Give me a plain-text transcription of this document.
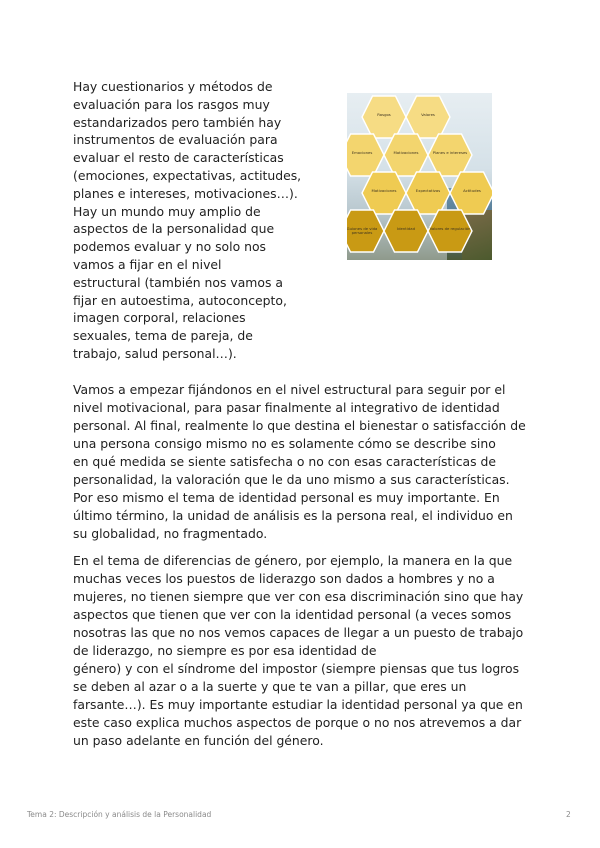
Hay cuestionarios y métodos de
evaluación para los rasgos muy
estandarizados pero también hay
instrumentos de evaluación para
evaluar el resto de características
(emociones, expectativas, actitudes,
planes e intereses, motivaciones…).
Hay un mundo muy amplio de
aspectos de la personalidad que
podemos evaluar y no solo nos
vamos a fijar en el nivel
estructural (también nos vamos a
fijar en autoestima, autoconcepto,
imagen corporal, relaciones
sexuales, tema de pareja, de
trabajo, salud personal…).
Rasgos	Valores
Emociones	Motivaciones	Planes e intereses
Motivaciones	Expectativas	Actitudes
Guiones de vida personales
Identidad	Valores de regulación

Vamos a empezar fijándonos en el nivel estructural para seguir por el
nivel motivacional, para pasar finalmente al integrativo de identidad
personal. Al final, realmente lo que destina el bienestar o satisfacción de
una persona consigo mismo no es solamente cómo se describe sino
en qué medida se siente satisfecha o no con esas características de
personalidad, la valoración que le da uno mismo a sus características.
Por eso mismo el tema de identidad personal es muy importante. En
último término, la unidad de análisis es la persona real, el individuo en
su globalidad, no fragmentado.

En el tema de diferencias de género, por ejemplo, la manera en la que
muchas veces los puestos de liderazgo son dados a hombres y no a
mujeres, no tienen siempre que ver con esa discriminación sino que hay
aspectos que tienen que ver con la identidad personal (a veces somos
nosotras las que no nos vemos capaces de llegar a un puesto de trabajo
de liderazgo, no siempre es por esa identidad de
género) y con el síndrome del impostor (siempre piensas que tus logros
se deben al azar o a la suerte y que te van a pillar, que eres un
farsante…). Es muy importante estudiar la identidad personal ya que en
este caso explica muchos aspectos de porque o no nos atrevemos a dar
un paso adelante en función del género.

Tema 2: Descripción y análisis de la Personalidad	2
